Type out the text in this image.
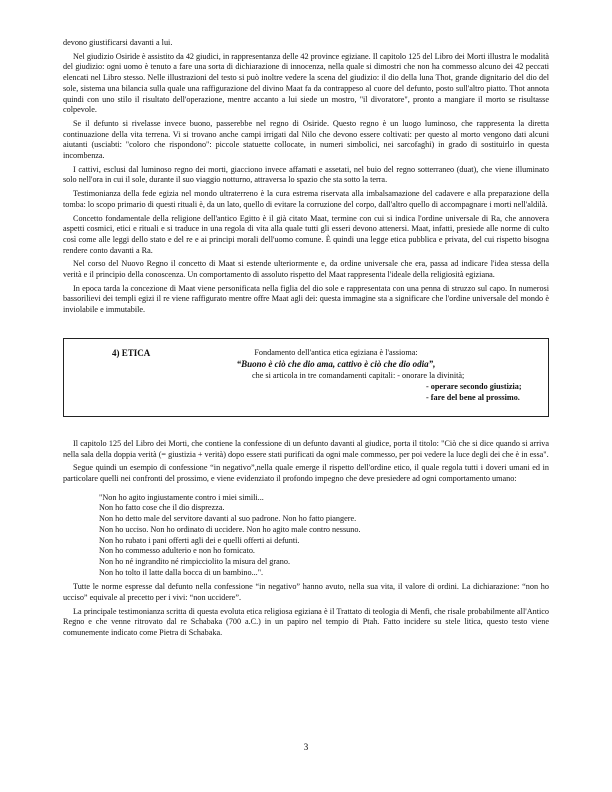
devono giustificarsi davanti a lui.

Nel giudizio Osiride è assistito da 42 giudici, in rappresentanza delle 42 province egiziane. Il capitolo 125 del Libro dei Morti illustra le modalità del giudizio: ogni uomo è tenuto a fare una sorta di dichiarazione di innocenza, nella quale si dimostri che non ha commesso alcuno dei 42 peccati elencati nel Libro stesso. Nelle illustrazioni del testo si può inoltre vedere la scena del giudizio: il dio della luna Thot, grande dignitario del dio del sole, sistema una bilancia sulla quale una raffigurazione del divino Maat fa da contrappeso al cuore del defunto, posto sull'altro piatto. Thot annota quindi con uno stilo il risultato dell'operazione, mentre accanto a lui siede un mostro, "il divoratore", pronto a mangiare il morto se risultasse colpevole.

Se il defunto si rivelasse invece buono, passerebbe nel regno di Osiride. Questo regno è un luogo luminoso, che rappresenta la diretta continuazione della vita terrena. Vi si trovano anche campi irrigati dal Nilo che devono essere coltivati: per questo al morto vengono dati alcuni aiutanti (usciabti: "coloro che rispondono": piccole statuette collocate, in numeri simbolici, nei sarcofaghi) in grado di sostituirlo in questa incombenza.

I cattivi, esclusi dal luminoso regno dei morti, giacciono invece affamati e assetati, nel buio del regno sotterraneo (duat), che viene illuminato solo nell'ora in cui il sole, durante il suo viaggio notturno, attraversa lo spazio che sta sotto la terra.

Testimonianza della fede egizia nel mondo ultraterreno è la cura estrema riservata alla imbalsamazione del cadavere e alla preparazione della tomba: lo scopo primario di questi rituali è, da un lato, quello di evitare la corruzione del corpo, dall'altro quello di accompagnare i morti nell'aldilà.

Concetto fondamentale della religione dell'antico Egitto è il già citato Maat, termine con cui si indica l'ordine universale di Ra, che annovera aspetti cosmici, etici e rituali e si traduce in una regola di vita alla quale tutti gli esseri devono attenersi. Maat, infatti, presiede alle norme di culto così come alle leggi dello stato e del re e ai principi morali dell'uomo comune. È quindi una legge etica pubblica e privata, del cui rispetto bisogna rendere conto davanti a Ra.

Nel corso del Nuovo Regno il concetto di Maat si estende ulteriormente e, da ordine universale che era, passa ad indicare l'idea stessa della verità e il principio della conoscenza. Un comportamento di assoluto rispetto del Maat rappresenta l'ideale della religiosità egiziana.

In epoca tarda la concezione di Maat viene personificata nella figlia del dio sole e rappresentata con una penna di struzzo sul capo. In numerosi bassorilievi dei templi egizi il re viene raffigurato mentre offre Maat agli dei: questa immagine sta a significare che l'ordine universale del mondo è inviolabile e immutabile.

4) ETICA	Fondamento dell'antica etica egiziana è l'assioma:
“Buono è ciò che dio ama, cattivo è ciò che dio odia”,
che si articola in tre comandamenti capitali: - onorare la divinità;
- operare secondo giustizia;
- fare del bene al prossimo.

Il capitolo 125 del Libro dei Morti, che contiene la confessione di un defunto davanti al giudice, porta il titolo: "Ciò che si dice quando si arriva nella sala della doppia verità (= giustizia + verità) dopo essere stati purificati da ogni male commesso, per poi vedere la luce degli dei che è in essa".

Segue quindi un esempio di confessione “in negativo”,nella quale emerge il rispetto dell'ordine etico, il quale regola tutti i doveri umani ed in particolare quelli nei confronti del prossimo, e viene evidenziato il profondo impegno che deve presiedere ad ogni comportamento umano:

"Non ho agito ingiustamente contro i miei simili...
Non ho fatto cose che il dio disprezza.
Non ho detto male del servitore davanti al suo padrone. Non ho fatto piangere.
Non ho ucciso. Non ho ordinato di uccidere. Non ho agito male contro nessuno.
Non ho rubato i pani offerti agli dei e quelli offerti ai defunti.
Non ho commesso adulterio e non ho fornicato.
Non ho né ingrandito né rimpicciolito la misura del grano.
Non ho tolto il latte dalla bocca di un bambino...".

Tutte le norme espresse dal defunto nella confessione “in negativo” hanno avuto, nella sua vita, il valore di ordini. La dichiarazione: “non ho ucciso” equivale al precetto per i vivi: “non uccidere”.

La principale testimonianza scritta di questa evoluta etica religiosa egiziana è il Trattato di teologia di Menfi, che risale probabilmente all'Antico Regno e che venne ritrovato dal re Schabaka (700 a.C.) in un papiro nel tempio di Ptah. Fatto incidere su stele litica, questo testo viene comunemente indicato come Pietra di Schabaka.

3
